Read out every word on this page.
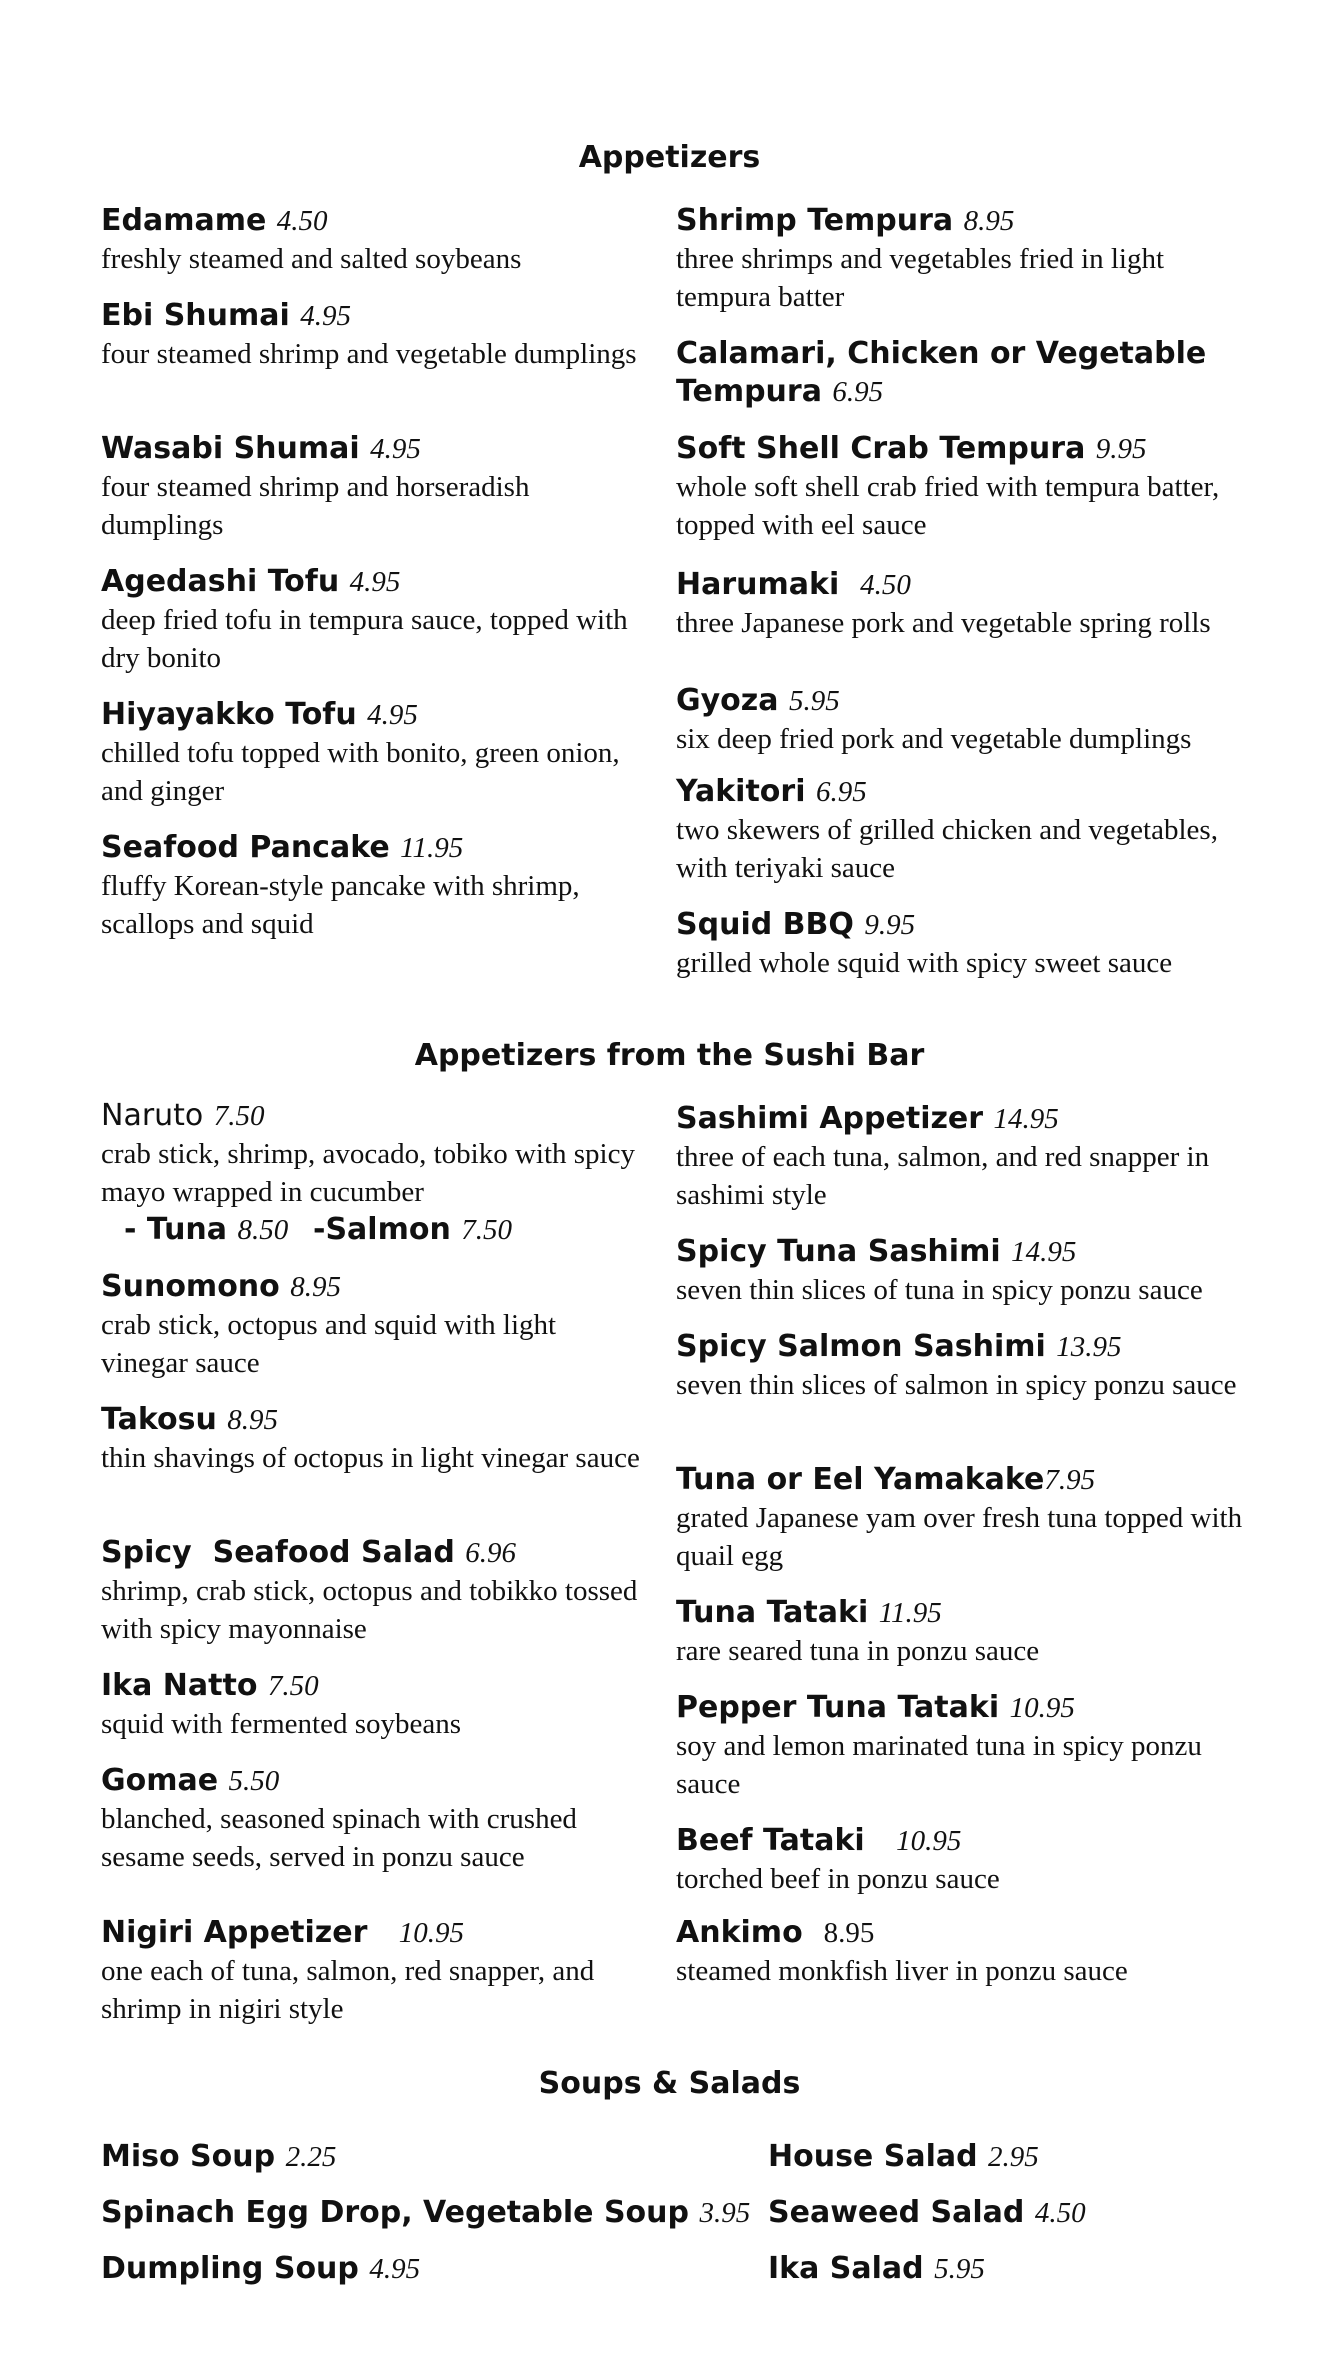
Appetizers
Appetizers from the Sushi Bar
Soups & Salads
Edamame 4.50
freshly steamed and salted soybeans
Ebi Shumai 4.95
four steamed shrimp and vegetable dumplings
Wasabi Shumai 4.95
four steamed shrimp and horseradish dumplings
Agedashi Tofu 4.95
deep fried tofu in tempura sauce, topped with dry bonito
Hiyayakko Tofu 4.95
chilled tofu topped with bonito, green onion, and ginger
Seafood Pancake 11.95
fluffy Korean-style pancake with shrimp, scallops and squid
Shrimp Tempura 8.95
three shrimps and vegetables fried in light tempura batter
Calamari, Chicken or Vegetable Tempura 6.95
Soft Shell Crab Tempura 9.95
whole soft shell crab fried with tempura batter, topped with eel sauce
Harumaki 4.50
three Japanese pork and vegetable spring rolls
Gyoza 5.95
six deep fried pork and vegetable dumplings
Yakitori 6.95
two skewers of grilled chicken and vegetables, with teriyaki sauce
Squid BBQ 9.95
grilled whole squid with spicy sweet sauce
Naruto 7.50
crab stick, shrimp, avocado, tobiko with spicy mayo wrapped in cucumber
- Tuna 8.50 -Salmon 7.50
Sunomono 8.95
crab stick, octopus and squid with light vinegar sauce
Takosu 8.95
thin shavings of octopus in light vinegar sauce
Spicy  Seafood Salad 6.96
shrimp, crab stick, octopus and tobikko tossed with spicy mayonnaise
Ika Natto 7.50
squid with fermented soybeans
Gomae 5.50
blanched, seasoned spinach with crushed sesame seeds, served in ponzu sauce
Nigiri Appetizer 10.95
one each of tuna, salmon, red snapper, and shrimp in nigiri style
Sashimi Appetizer 14.95
three of each tuna, salmon, and red snapper in sashimi style
Spicy Tuna Sashimi 14.95
seven thin slices of tuna in spicy ponzu sauce
Spicy Salmon Sashimi 13.95
seven thin slices of salmon in spicy ponzu sauce
Tuna or Eel Yamakake7.95
grated Japanese yam over fresh tuna topped with quail egg
Tuna Tataki 11.95
rare seared tuna in ponzu sauce
Pepper Tuna Tataki 10.95
soy and lemon marinated tuna in spicy ponzu sauce
Beef Tataki 10.95
torched beef in ponzu sauce
Ankimo 8.95
steamed monkfish liver in ponzu sauce
Miso Soup 2.25
Spinach Egg Drop, Vegetable Soup 3.95
Dumpling Soup 4.95
House Salad 2.95
Seaweed Salad 4.50
Ika Salad 5.95
